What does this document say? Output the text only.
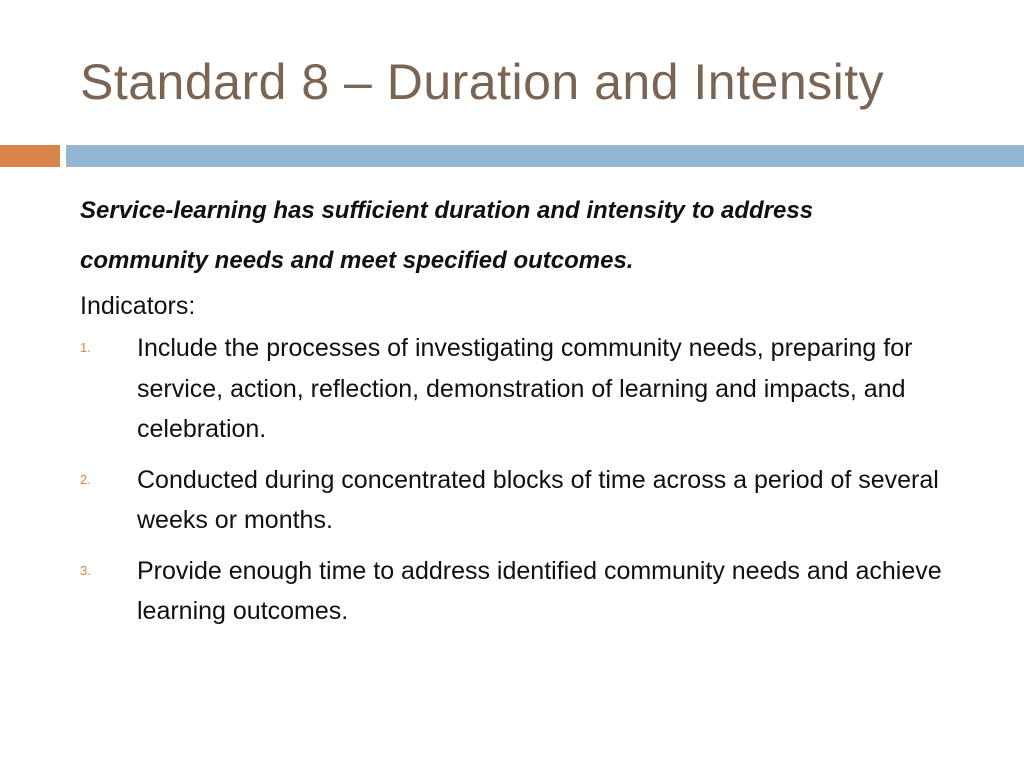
Standard 8 – Duration and Intensity

Service-learning has sufficient duration and intensity to address
community needs and meet specified outcomes.

Indicators:
1. Include the processes of investigating community needs, preparing for service, action, reflection, demonstration of learning and impacts, and celebration.
2. Conducted during concentrated blocks of time across a period of several weeks or months.
3. Provide enough time to address identified community needs and achieve learning outcomes.
